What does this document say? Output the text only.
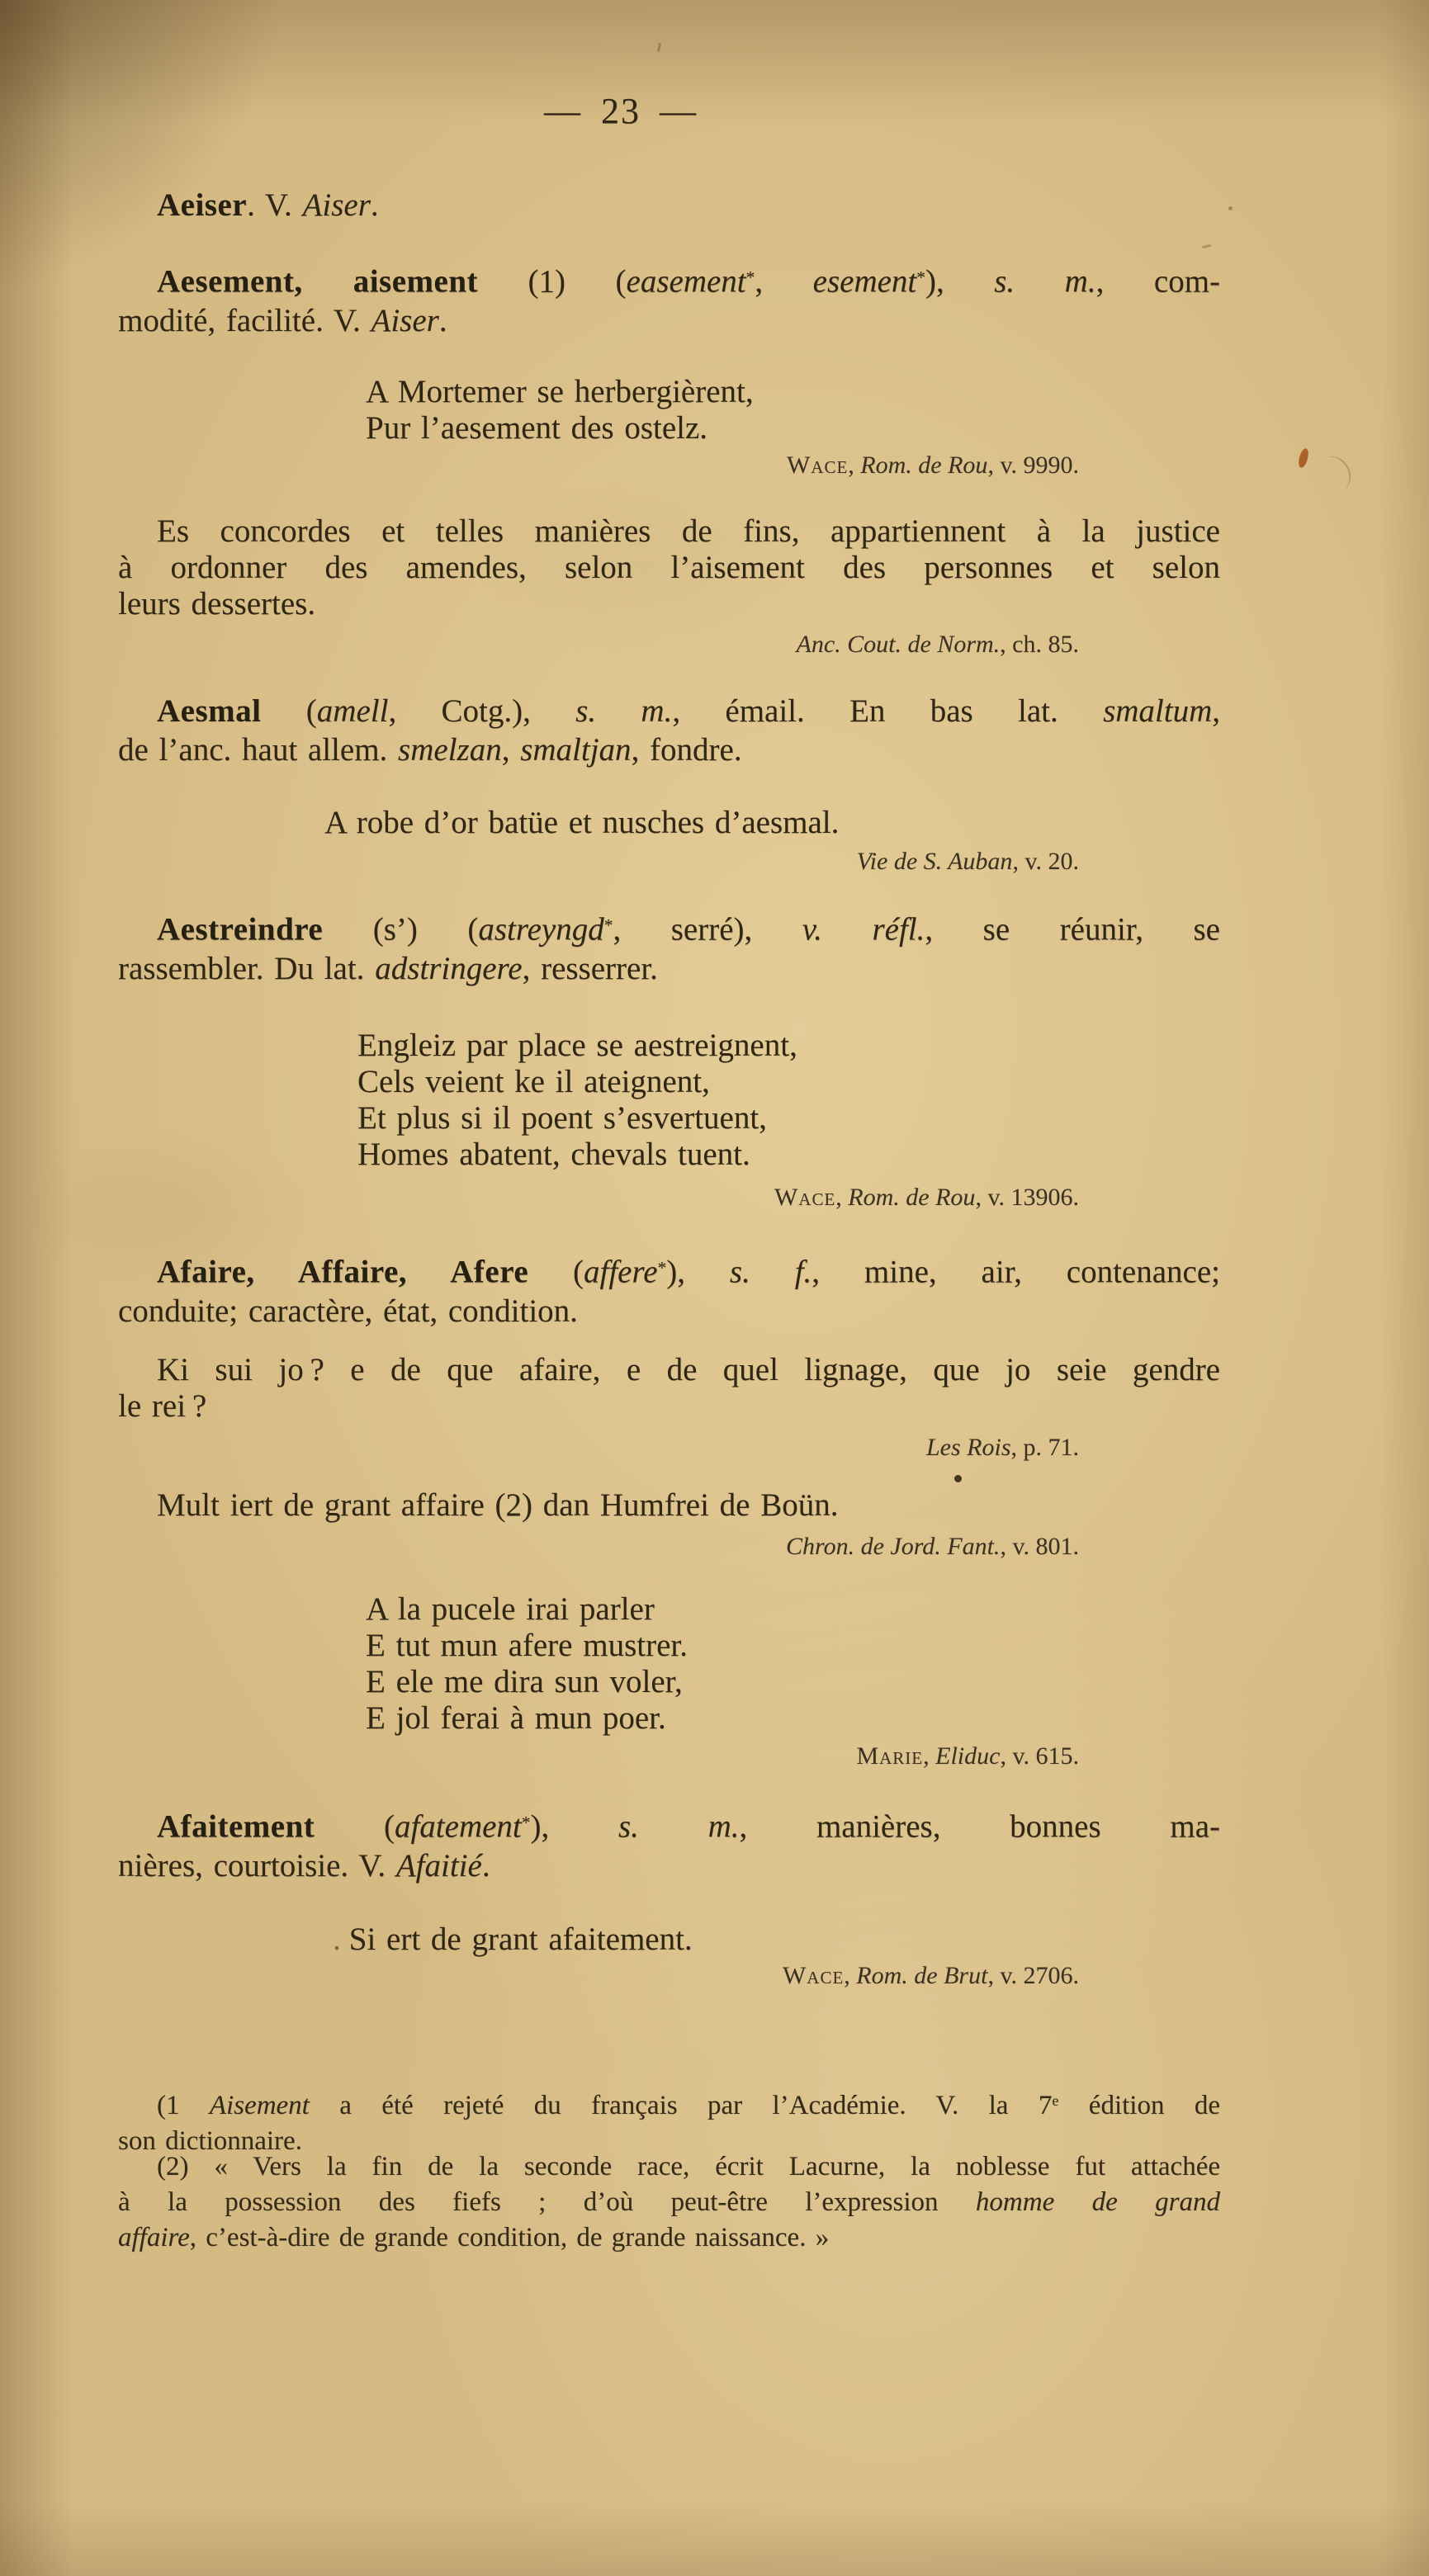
— 23 —
Aeiser. V. Aiser.
Aesement, aisement (1) (easement*, esement*), s. m., com-
modité, facilité. V. Aiser.
A Mortemer se herbergièrent,
Pur l’aesement des ostelz.
Wace, Rom. de Rou, v. 9990.
Es concordes et telles manières de fins, appartiennent à la justice
à ordonner des amendes, selon l’aisement des personnes et selon
leurs dessertes.
Anc. Cout. de Norm., ch. 85.
Aesmal (amell, Cotg.), s. m., émail. En bas lat. smaltum,
de l’anc. haut allem. smelzan, smaltjan, fondre.
A robe d’or batüe et nusches d’aesmal.
Vie de S. Auban, v. 20.
Aestreindre (s’) (astreyngd*, serré), v. réfl., se réunir, se
rassembler. Du lat. adstringere, resserrer.
Engleiz par place se aestreignent,
Cels veient ke il ateignent,
Et plus si il poent s’esvertuent,
Homes abatent, chevals tuent.
Wace, Rom. de Rou, v. 13906.
Afaire, Affaire, Afere (affere*), s. f., mine, air, contenance;
conduite; caractère, état, condition.
Ki sui jo ? e de que afaire, e de quel lignage, que jo seie gendre
le rei ?
Les Rois, p. 71.
Mult iert de grant affaire (2) dan Humfrei de Boün.
Chron. de Jord. Fant., v. 801.
A la pucele irai parler
E tut mun afere mustrer.
E ele me dira sun voler,
E jol ferai à mun poer.
Marie, Eliduc, v. 615.
Afaitement (afatement*), s. m., manières, bonnes ma-
nières, courtoisie. V. Afaitié.
. Si ert de grant afaitement.
Wace, Rom. de Brut, v. 2706.
(1 Aisement a été rejeté du français par l’Académie. V. la 7e édition de
son dictionnaire.
(2) « Vers la fin de la seconde race, écrit Lacurne, la noblesse fut attachée
à la possession des fiefs ; d’où peut-être l’expression homme de grand
affaire, c’est-à-dire de grande condition, de grande naissance. »
